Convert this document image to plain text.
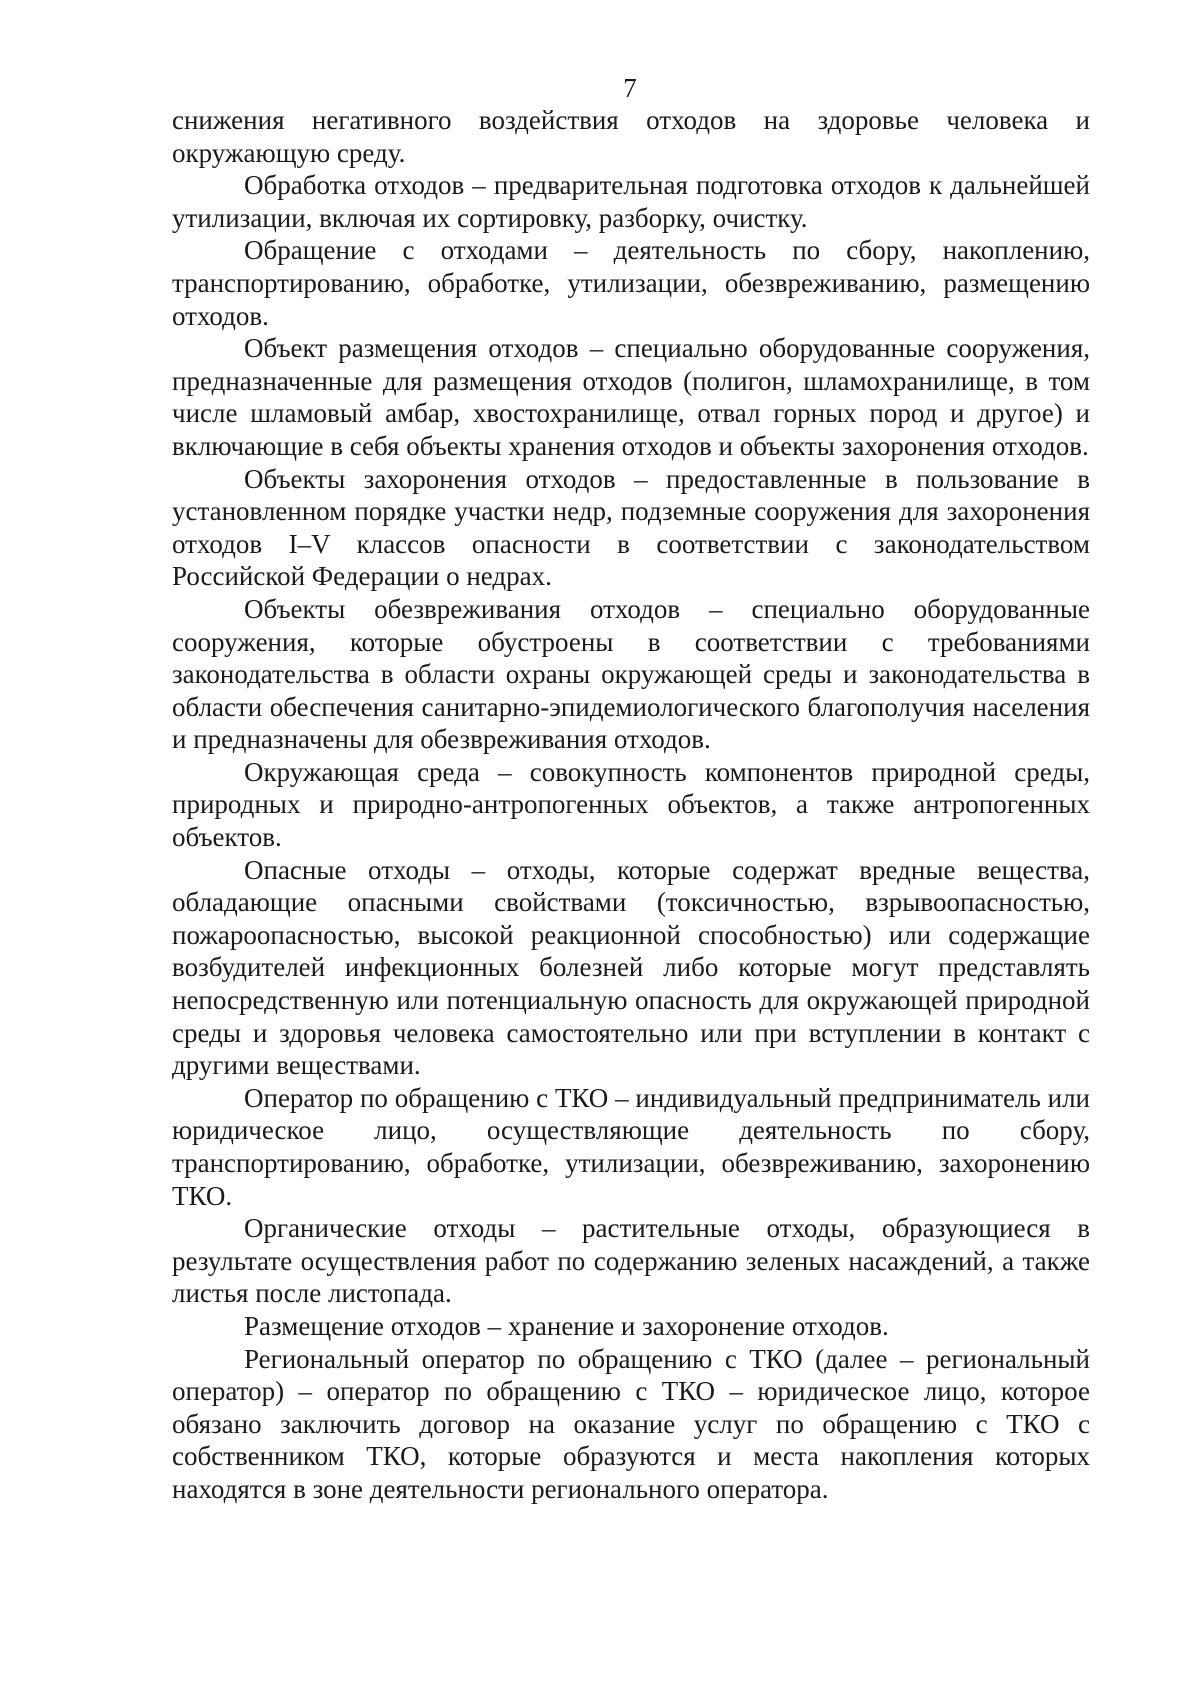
7

снижения негативного воздействия отходов на здоровье человека и окружающую среду.

Обработка отходов – предварительная подготовка отходов к дальнейшей утилизации, включая их сортировку, разборку, очистку.

Обращение с отходами – деятельность по сбору, накоплению, транспортированию, обработке, утилизации, обезвреживанию, размещению отходов.

Объект размещения отходов – специально оборудованные сооружения, предназначенные для размещения отходов (полигон, шламохранилище, в том числе шламовый амбар, хвостохранилище, отвал горных пород и другое) и включающие в себя объекты хранения отходов и объекты захоронения отходов.

Объекты захоронения отходов – предоставленные в пользование в установленном порядке участки недр, подземные сооружения для захоронения отходов I–V классов опасности в соответствии с законодательством Российской Федерации о недрах.

Объекты обезвреживания отходов – специально оборудованные сооружения, которые обустроены в соответствии с требованиями законодательства в области охраны окружающей среды и законодательства в области обеспечения санитарно-эпидемиологического благополучия населения и предназначены для обезвреживания отходов.

Окружающая среда – совокупность компонентов природной среды, природных и природно-антропогенных объектов, а также антропогенных объектов.

Опасные отходы – отходы, которые содержат вредные вещества, обладающие опасными свойствами (токсичностью, взрывоопасностью, пожароопасностью, высокой реакционной способностью) или содержащие возбудителей инфекционных болезней либо которые могут представлять непосредственную или потенциальную опасность для окружающей природной среды и здоровья человека самостоятельно или при вступлении в контакт с другими веществами.

Оператор по обращению с ТКО – индивидуальный предприниматель или юридическое лицо, осуществляющие деятельность по сбору, транспортированию, обработке, утилизации, обезвреживанию, захоронению ТКО.

Органические отходы – растительные отходы, образующиеся в результате осуществления работ по содержанию зеленых насаждений, а также листья после листопада.

Размещение отходов – хранение и захоронение отходов.

Региональный оператор по обращению с ТКО (далее – региональный оператор) – оператор по обращению с ТКО – юридическое лицо, которое обязано заключить договор на оказание услуг по обращению с ТКО с собственником ТКО, которые образуются и места накопления которых находятся в зоне деятельности регионального оператора.
